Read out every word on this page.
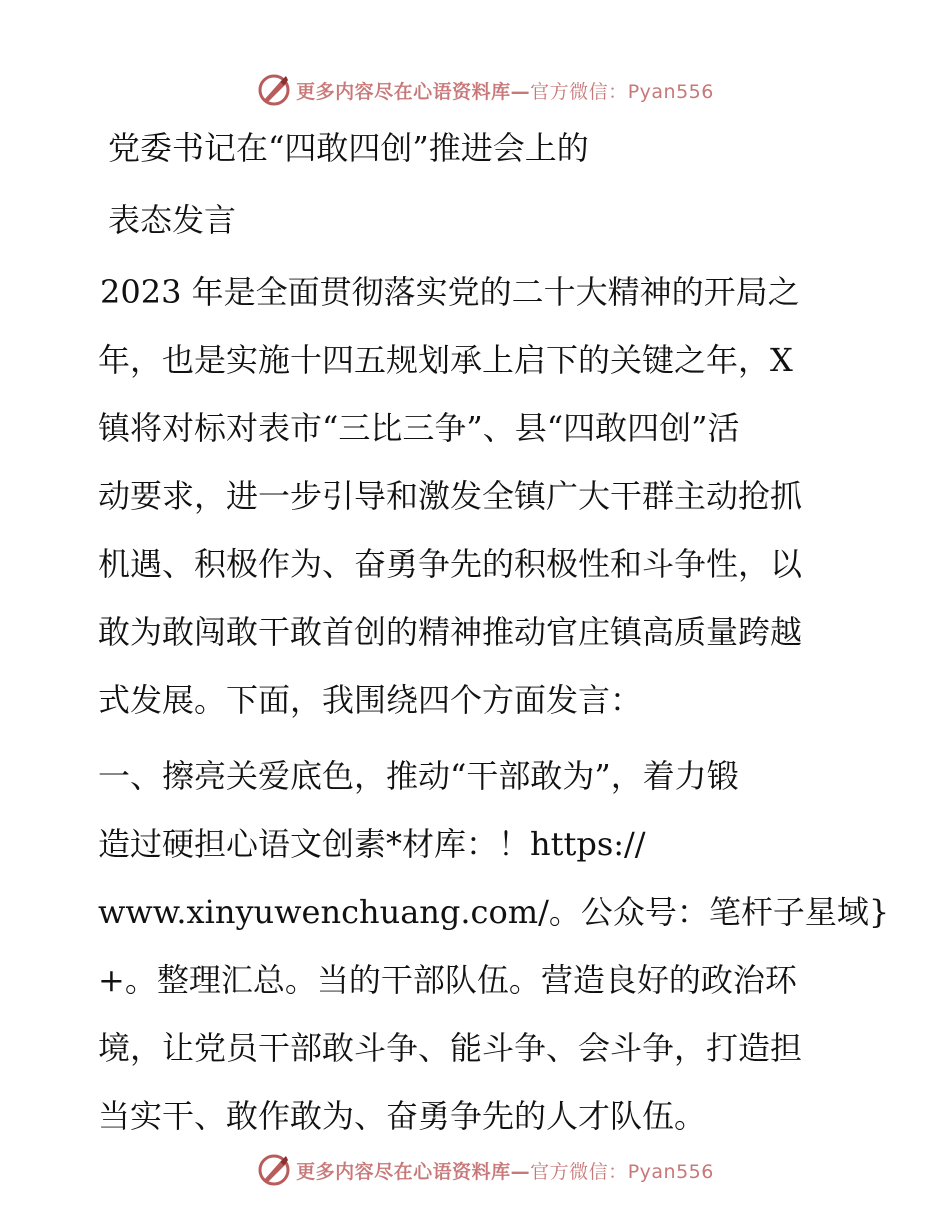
更多内容尽在心语资料库—官方微信：Pyan556

党委书记在“四敢四创”推进会上的

表态发言

2023 年是全面贯彻落实党的二十大精神的开局之

年，也是实施十四五规划承上启下的关键之年，X

镇将对标对表市“三比三争”、县“四敢四创”活

动要求，进一步引导和激发全镇广大干群主动抢抓

机遇、积极作为、奋勇争先的积极性和斗争性，以

敢为敢闯敢干敢首创的精神推动官庄镇高质量跨越

式发展。下面，我围绕四个方面发言：

一、擦亮关爱底色，推动“干部敢为”，着力锻

造过硬担心语文创素*材库：！https://

www.xinyuwenchuang.com/。公众号：笔杆子星域}

+。整理汇总。当的干部队伍。营造良好的政治环

境，让党员干部敢斗争、能斗争、会斗争，打造担

当实干、敢作敢为、奋勇争先的人才队伍。

更多内容尽在心语资料库—官方微信：Pyan556
